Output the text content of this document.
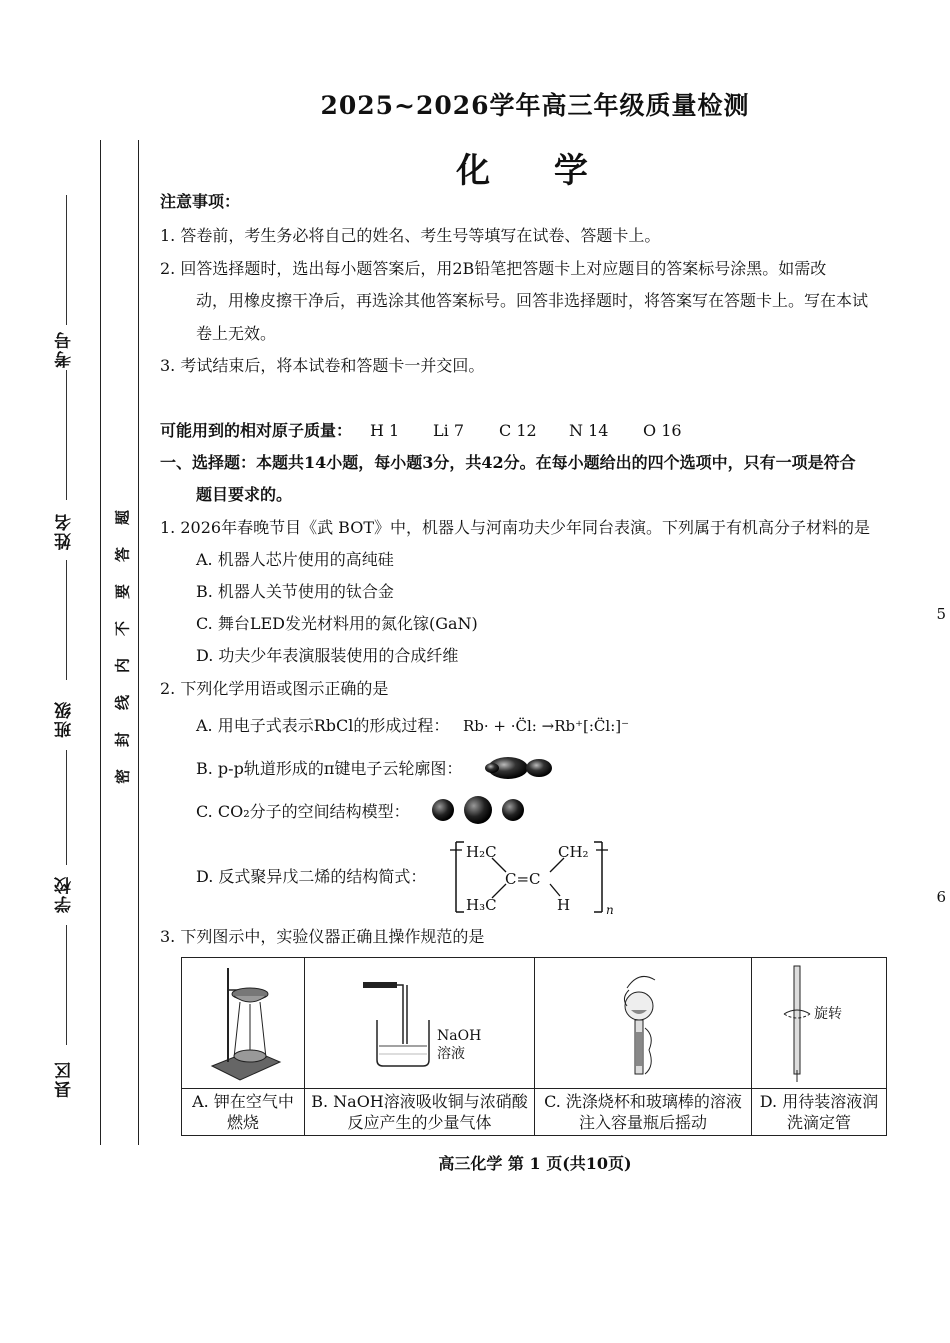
考号
姓名
班级
学校
县区
密
封
线
内
不
要
答
题
2025~2026学年高三年级质量检测
化 学
注意事项：
1. 答卷前，考生务必将自己的姓名、考生号等填写在试卷、答题卡上。
2. 回答选择题时，选出每小题答案后，用2B铅笔把答题卡上对应题目的答案标号涂黑。如需改
动，用橡皮擦干净后，再选涂其他答案标号。回答非选择题时，将答案写在答题卡上。写在本试
卷上无效。
3. 考试结束后，将本试卷和答题卡一并交回。
可能用到的相对原子质量： H 1 Li 7 C 12 N 14 O 16
一、选择题：本题共14小题，每小题3分，共42分。在每小题给出的四个选项中，只有一项是符合
题目要求的。
1. 2026年春晚节目《武 BOT》中，机器人与河南功夫少年同台表演。下列属于有机高分子材料的是
A. 机器人芯片使用的高纯硅
B. 机器人关节使用的钛合金
C. 舞台LED发光材料用的氮化镓(GaN)
D. 功夫少年表演服装使用的合成纤维
2. 下列化学用语或图示正确的是
A. 用电子式表示RbCl的形成过程： Rb· + ·C̈l: →Rb⁺[:C̈l:]⁻
B. p-p轨道形成的π键电子云轮廓图：
C. CO₂分子的空间结构模型：
D. 反式聚异戊二烯的结构简式：
H₂C	CH₂
C=C
H₃C	H	n
3. 下列图示中，实验仪器正确且操作规范的是

NaOH
溶液		旋转

A. 钾在空气中燃烧	B. NaOH溶液吸收铜与浓硝酸反应产生的少量气体	C. 洗涤烧杯和玻璃棒的溶液注入容量瓶后摇动	D. 用待装溶液润洗滴定管
高三化学 第 1 页(共10页)
5
6
